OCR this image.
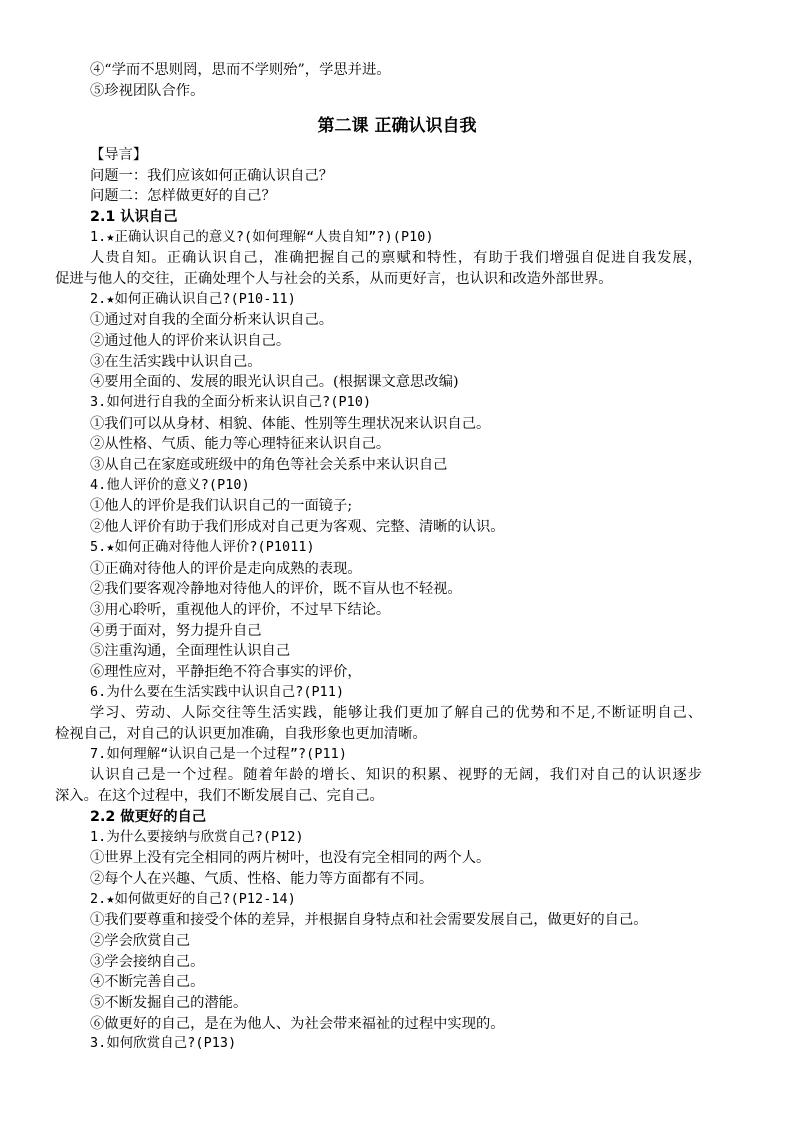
④“学而不思则罔，思而不学则殆”，学思并进。
⑤珍视团队合作。
第二课 正确认识自我
【导言】
问题一：我们应该如何正确认识自己？
问题二：怎样做更好的自己？
2.1 认识自己
1.★正确认识自己的意义?(如何理解“人贵自知”?)(P10)
人贵自知。正确认识自己，准确把握自己的禀赋和特性，有助于我们增强自促进自我发展，
促进与他人的交往，正确处理个人与社会的关系，从而更好言，也认识和改造外部世界。
2.★如何正确认识自己?(P10-11)
①通过对自我的全面分析来认识自己。
②通过他人的评价来认识自己。
③在生活实践中认识自己。
④要用全面的、发展的眼光认识自己。(根据课文意思改编)
3.如何进行自我的全面分析来认识自己?(P10)
①我们可以从身材、相貌、体能、性别等生理状况来认识自己。
②从性格、气质、能力等心理特征来认识自己。
③从自己在家庭或班级中的角色等社会关系中来认识自己
4.他人评价的意义?(P10)
①他人的评价是我们认识自己的一面镜子;
②他人评价有助于我们形成对自己更为客观、完整、清晰的认识。
5.★如何正确对待他人评价?(P1011)
①正确对待他人的评价是走向成熟的表现。
②我们要客观冷静地对待他人的评价，既不盲从也不轻视。
③用心聆听，重视他人的评价，不过早下结论。
④勇于面对，努力提升自己
⑤注重沟通，全面理性认识自己
⑥理性应对，平静拒绝不符合事实的评价，
6.为什么要在生活实践中认识自己?(P11)
学习、劳动、人际交往等生活实践，能够让我们更加了解自己的优势和不足,不断证明自己、
检视自己，对自己的认识更加准确，自我形象也更加清晰。
7.如何理解“认识自己是一个过程”?(P11)
认识自己是一个过程。随着年龄的增长、知识的积累、视野的无阔，我们对自己的认识逐步
深入。在这个过程中，我们不断发展自己、完自己。
2.2 做更好的自己
1.为什么要接纳与欣赏自己?(P12)
①世界上没有完全相同的两片树叶，也没有完全相同的两个人。
②每个人在兴趣、气质、性格、能力等方面都有不同。
2.★如何做更好的自己?(P12-14)
①我们要尊重和接受个体的差异，并根据自身特点和社会需要发展自己，做更好的自己。
②学会欣赏自己
③学会接纳自己。
④不断完善自己。
⑤不断发掘自己的潜能。
⑥做更好的自己，是在为他人、为社会带来福祉的过程中实现的。
3.如何欣赏自己?(P13)
